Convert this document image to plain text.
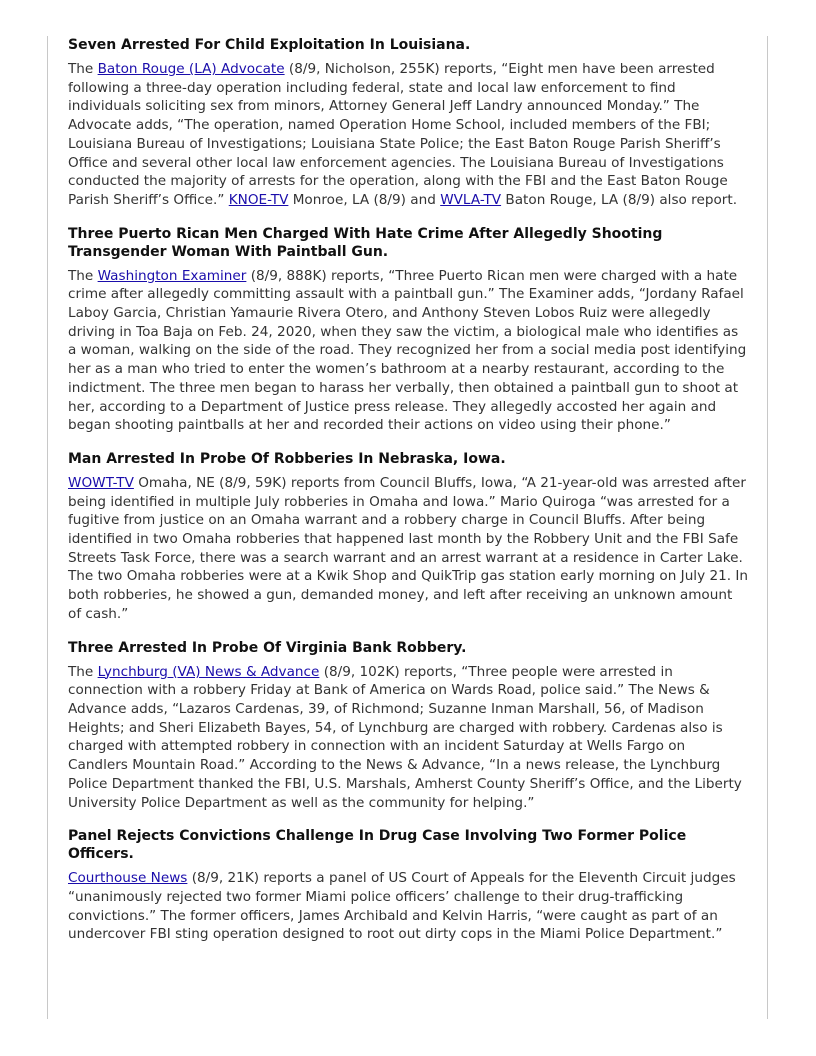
Seven Arrested For Child Exploitation In Louisiana.

The Baton Rouge (LA) Advocate (8/9, Nicholson, 255K) reports, “Eight men have been arrested following a three-day operation including federal, state and local law enforcement to find individuals soliciting sex from minors, Attorney General Jeff Landry announced Monday.” The Advocate adds, “The operation, named Operation Home School, included members of the FBI; Louisiana Bureau of Investigations; Louisiana State Police; the East Baton Rouge Parish Sheriff’s Office and several other local law enforcement agencies. The Louisiana Bureau of Investigations conducted the majority of arrests for the operation, along with the FBI and the East Baton Rouge Parish Sheriff’s Office.” KNOE-TV Monroe, LA (8/9) and WVLA-TV Baton Rouge, LA (8/9) also report.

Three Puerto Rican Men Charged With Hate Crime After Allegedly Shooting Transgender Woman With Paintball Gun.

The Washington Examiner (8/9, 888K) reports, “Three Puerto Rican men were charged with a hate crime after allegedly committing assault with a paintball gun.” The Examiner adds, “Jordany Rafael Laboy Garcia, Christian Yamaurie Rivera Otero, and Anthony Steven Lobos Ruiz were allegedly driving in Toa Baja on Feb. 24, 2020, when they saw the victim, a biological male who identifies as a woman, walking on the side of the road. They recognized her from a social media post identifying her as a man who tried to enter the women’s bathroom at a nearby restaurant, according to the indictment. The three men began to harass her verbally, then obtained a paintball gun to shoot at her, according to a Department of Justice press release. They allegedly accosted her again and began shooting paintballs at her and recorded their actions on video using their phone.”

Man Arrested In Probe Of Robberies In Nebraska, Iowa.

WOWT-TV Omaha, NE (8/9, 59K) reports from Council Bluffs, Iowa, “A 21-year-old was arrested after being identified in multiple July robberies in Omaha and Iowa.” Mario Quiroga “was arrested for a fugitive from justice on an Omaha warrant and a robbery charge in Council Bluffs. After being identified in two Omaha robberies that happened last month by the Robbery Unit and the FBI Safe Streets Task Force, there was a search warrant and an arrest warrant at a residence in Carter Lake. The two Omaha robberies were at a Kwik Shop and QuikTrip gas station early morning on July 21. In both robberies, he showed a gun, demanded money, and left after receiving an unknown amount of cash.”

Three Arrested In Probe Of Virginia Bank Robbery.

The Lynchburg (VA) News & Advance (8/9, 102K) reports, “Three people were arrested in connection with a robbery Friday at Bank of America on Wards Road, police said.” The News & Advance adds, “Lazaros Cardenas, 39, of Richmond; Suzanne Inman Marshall, 56, of Madison Heights; and Sheri Elizabeth Bayes, 54, of Lynchburg are charged with robbery. Cardenas also is charged with attempted robbery in connection with an incident Saturday at Wells Fargo on Candlers Mountain Road.” According to the News & Advance, “In a news release, the Lynchburg Police Department thanked the FBI, U.S. Marshals, Amherst County Sheriff’s Office, and the Liberty University Police Department as well as the community for helping.”

Panel Rejects Convictions Challenge In Drug Case Involving Two Former Police Officers.

Courthouse News (8/9, 21K) reports a panel of US Court of Appeals for the Eleventh Circuit judges “unanimously rejected two former Miami police officers’ challenge to their drug-trafficking convictions.” The former officers, James Archibald and Kelvin Harris, “were caught as part of an undercover FBI sting operation designed to root out dirty cops in the Miami Police Department.”
